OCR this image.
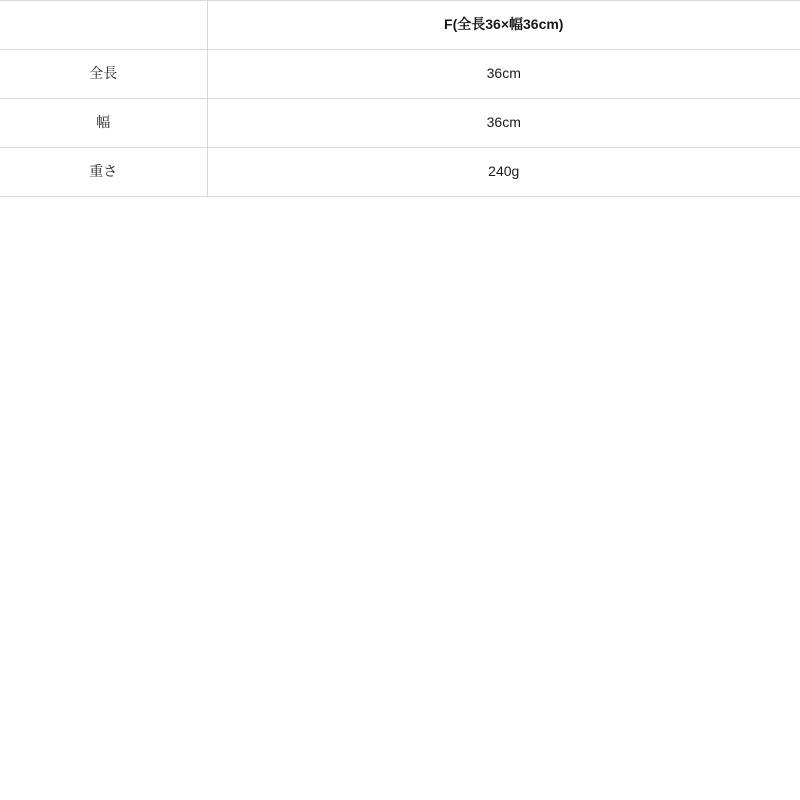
	F(全長36×幅36cm)
全長	36cm
幅	36cm
重さ	240g
